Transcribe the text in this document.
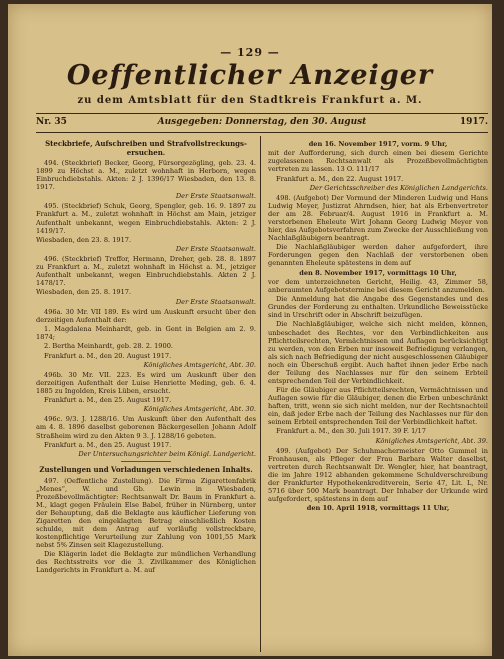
— 129 —
Oeffentlicher Anzeiger
zu dem Amtsblatt für den Stadtkreis Frankfurt a. M.
Nr. 35	Ausgegeben: Donnerstag, den 30. August	1917.
Steckbriefe, Aufschreiben und Strafvollstreckungs-ersuchen.

494. (Steckbrief) Becker, Georg, Fürsorgezögling, geb. 23. 4. 1899 zu Höchst a. M., zuletzt wohnhaft in Herborn, wegen Einbruchdiebstahls. Akten: 2 J. 1396/17 Wiesbaden, den 13. 8. 1917.

Der Erste Staatsanwalt.

495. (Steckbrief) Schuk, Georg, Spengler, geb. 16. 9. 1897 zu Frankfurt a. M., zuletzt wohnhaft in Höchst am Main, jetziger Aufenthalt unbekannt, wegen Einbruchdiebstahls. Akten: 2 J. 1419/17.

Wiesbaden, den 23. 8. 1917.

Der Erste Staatsanwalt.

496. (Steckbrief) Treffor, Hermann, Dreher, geb. 28. 8. 1897 zu Frankfurt a. M., zuletzt wohnhaft in Höchst a. M., jetziger Aufenthalt unbekannt, wegen Einbruchdiebstahls. Akten 2 J. 1478/17.

Wiesbaden, den 25. 8. 1917.

Der Erste Staatsanwalt.

496a. 30 Mr. VII 189. Es wird um Auskunft ersucht über den derzeitigen Aufenthalt der:

1. Magdalena Meinhardt, geb. in Gent in Belgien am 2. 9. 1874;

2. Bertha Meinhardt, geb. 28. 2. 1900.

Frankfurt a. M., den 20. August 1917.

Königliches Amtsgericht, Abt. 30.

496b. 30 Mr. VII. 223. Es wird um Auskunft über den derzeitigen Aufenthalt der Luise Henriette Meding, geb. 6. 4. 1885 zu Ingolden, Kreis Lüben, ersucht.

Frankfurt a. M., den 25. August 1917.

Königliches Amtsgericht, Abt. 30.

496c. 9/3. J. 1288/16. Um Auskunft über den Aufenthalt des am 4. 8. 1896 daselbst geborenen Bäckergesellen Johann Adolf Straßheim wird zu den Akten 9 3. J. 1288/16 gebeten.

Frankfurt a. M., den 25. August 1917.

Der Untersuchungsrichter beim Königl. Landgericht.
Zustellungen und Vorladungen verschiedenen Inhalts.

497. (Oeffentliche Zustellung). Die Firma Zigarettenfabrik „Menes“, W. und Gb. Lewin in Wiesbaden, Prozeßbevollmächtigter: Rechtsanwalt Dr. Baum in Frankfurt a. M., klagt gegen Fräulein Else Babel, früher in Nürnberg, unter der Behauptung, daß die Beklagte aus käuflicher Lieferung von Zigaretten den eingeklagten Betrag einschließlich Kosten schulde, mit dem Antrag auf vorläufig vollstreckbare, kostenpflichtige Verurteilung zur Zahlung von 1001,55 Mark nebst 5% Zinsen seit Klagezustellung.

Die Klägerin ladet die Beklagte zur mündlichen Verhandlung des Rechtsstreits vor die 3. Zivilkammer des Königlichen Landgerichts in Frankfurt a. M. auf

den 16. November 1917, vorm. 9 Uhr,

mit der Aufforderung, sich durch einen bei diesem Gerichte zugelassenen Rechtsanwalt als Prozeßbevollmächtigten vertreten zu lassen. 13 O. 111/17

Frankfurt a. M., den 22. August 1917.

Der Gerichtsschreiber des Königlichen Landgerichts.

498. (Aufgebot) Der Vormund der Minderen Ludwig und Hans Ludwig Meyer, Justizrat Ahrndsen, hier, hat als Erbenvertreter der am 28. Februar/4. August 1916 in Frankfurt a. M. verstorbenen Eheleute Wirt Johann Georg Ludwig Meyer von hier, das Aufgebotsverfahren zum Zwecke der Ausschließung von Nachlaßgläubigern beantragt.

Die Nachlaßgläubiger werden daher aufgefordert, ihre Forderungen gegen den Nachlaß der verstorbenen oben genannten Eheleute spätestens in dem auf

den 8. November 1917, vormittags 10 Uhr,

vor dem unterzeichneten Gericht, Heilig. 43, Zimmer 58, anberaumten Aufgebotstermine bei diesem Gericht anzumelden.

Die Anmeldung hat die Angabe des Gegenstandes und des Grundes der Forderung zu enthalten. Urkundliche Beweisstücke sind in Urschrift oder in Abschrift beizufügen.

Die Nachlaßgläubiger, welche sich nicht melden, können, unbeschadet des Rechtes, vor den Verbindlichkeiten aus Pflichtteilsrechten, Vermächtnissen und Auflagen berücksichtigt zu werden, von den Erben nur insoweit Befriedigung verlangen, als sich nach Befriedigung der nicht ausgeschlossenen Gläubiger noch ein Überschuß ergibt. Auch haftet ihnen jeder Erbe nach der Teilung des Nachlasses nur für den seinem Erbteil entsprechenden Teil der Verbindlichkeit.

Für die Gläubiger aus Pflichtteilsrechten, Vermächtnissen und Auflagen sowie für die Gläubiger, denen die Erben unbeschränkt haften, tritt, wenn sie sich nicht melden, nur der Rechtsnachteil ein, daß jeder Erbe nach der Teilung des Nachlasses nur für den seinem Erbteil entsprechenden Teil der Verbindlichkeit haftet.

Frankfurt a. M., den 30. Juli 1917. 39 F. 1/17

Königliches Amtsgericht, Abt. 39.

499. (Aufgebot) Der Schuhmachermeister Otto Gummel in Fronhausen, als Pfleger der Frau Barbara Walter daselbst, vertreten durch Rechtsanwalt Dr. Wengler, hier, hat beantragt, die im Jahre 1912 abhanden gekommene Schuldverschreibung der Frankfurter Hypothekenkreditverein, Serie 47, Lit. L, Nr. 5716 über 500 Mark beantragt. Der Inhaber der Urkunde wird aufgefordert, spätestens in dem auf

den 10. April 1918, vormittags 11 Uhr,
